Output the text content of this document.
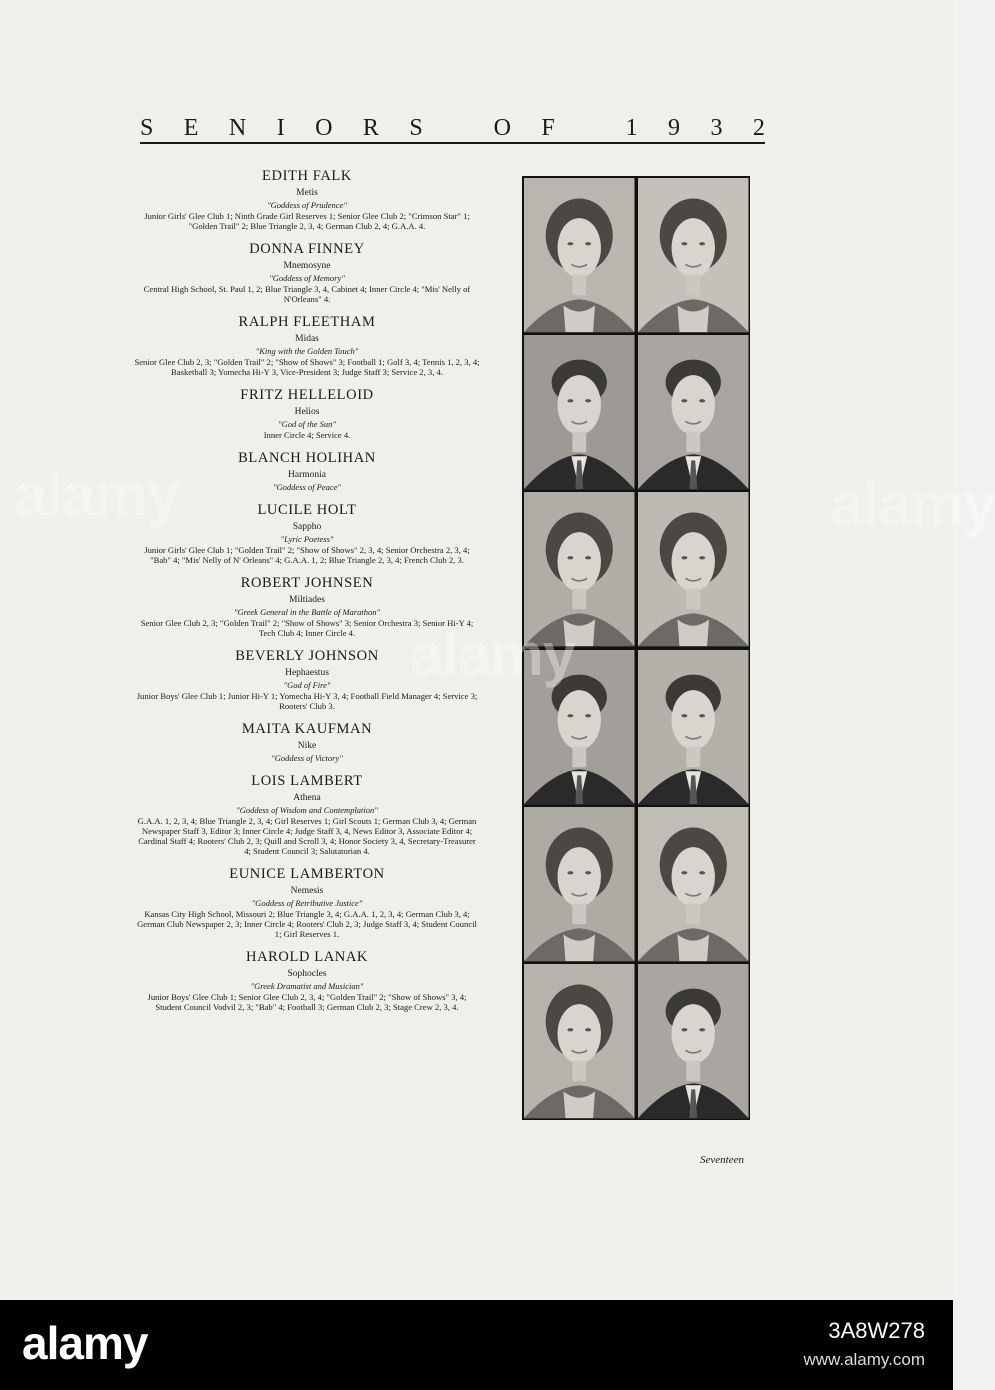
S E N I O R S	O F	1 9 3 2
EDITH FALK
Metis
"Goddess of Prudence"
Junior Girls' Glee Club 1; Ninth Grade Girl Reserves 1; Senior Glee Club 2; "Crimson Star" 1; "Golden Trail" 2; Blue Triangle 2, 3, 4; German Club 2, 4; G.A.A. 4.
DONNA FINNEY
Mnemosyne
"Goddess of Memory"
Central High School, St. Paul 1, 2; Blue Triangle 3, 4, Cabinet 4; Inner Circle 4; "Mis' Nelly of N'Orleans" 4.
RALPH FLEETHAM
Midas
"King with the Golden Touch"
Senior Glee Club 2, 3; "Golden Trail" 2; "Show of Shows" 3; Football 1; Golf 3, 4; Tennis 1, 2, 3, 4; Basketball 3; Yomecha Hi-Y 3, Vice-President 3; Judge Staff 3; Service 2, 3, 4.
FRITZ HELLELOID
Helios
"God of the Sun"
Inner Circle 4; Service 4.
BLANCH HOLIHAN
Harmonia
"Goddess of Peace"
LUCILE HOLT
Sappho
"Lyric Poetess"
Junior Girls' Glee Club 1; "Golden Trail" 2; "Show of Shows" 2, 3, 4; Senior Orchestra 2, 3, 4; "Bab" 4; "Mis' Nelly of N' Orleans" 4; G.A.A. 1, 2; Blue Triangle 2, 3, 4; French Club 2, 3.
ROBERT JOHNSEN
Miltiades
"Greek General in the Battle of Marathon"
Senior Glee Club 2, 3; "Golden Trail" 2; "Show of Shows" 3; Senior Orchestra 3; Senior Hi-Y 4; Tech Club 4; Inner Circle 4.
BEVERLY JOHNSON
Hephaestus
"God of Fire"
Junior Boys' Glee Club 1; Junior Hi-Y 1; Yomecha Hi-Y 3, 4; Football Field Manager 4; Service 3; Rooters' Club 3.
MAITA KAUFMAN
Nike
"Goddess of Victory"
LOIS LAMBERT
Athena
"Goddess of Wisdom and Contemplation"
G.A.A. 1, 2, 3, 4; Blue Triangle 2, 3, 4; Girl Reserves 1; Girl Scouts 1; German Club 3, 4; German Newspaper Staff 3, Editor 3; Inner Circle 4; Judge Staff 3, 4, News Editor 3, Associate Editor 4; Cardinal Staff 4; Rooters' Club 2, 3; Quill and Scroll 3, 4; Honor Society 3, 4, Secretary-Treasurer 4; Student Council 3; Salutatorian 4.
EUNICE LAMBERTON
Nemesis
"Goddess of Retributive Justice"
Kansas City High School, Missouri 2; Blue Triangle 3, 4; G.A.A. 1, 2, 3, 4; German Club 3, 4; German Club Newspaper 2, 3; Inner Circle 4; Rooters' Club 2, 3; Judge Staff 3, 4; Student Council 1; Girl Reserves 1.
HAROLD LANAK
Sophocles
"Greek Dramatist and Musician"
Junior Boys' Glee Club 1; Senior Glee Club 2, 3, 4; "Golden Trail" 2; "Show of Shows" 3, 4; Student Council Vodvil 2, 3; "Bab" 4; Football 3; German Club 2, 3; Stage Crew 2, 3, 4.
Seventeen
alamy
alamy
alamy
alamy	3A8W278
www.alamy.com
